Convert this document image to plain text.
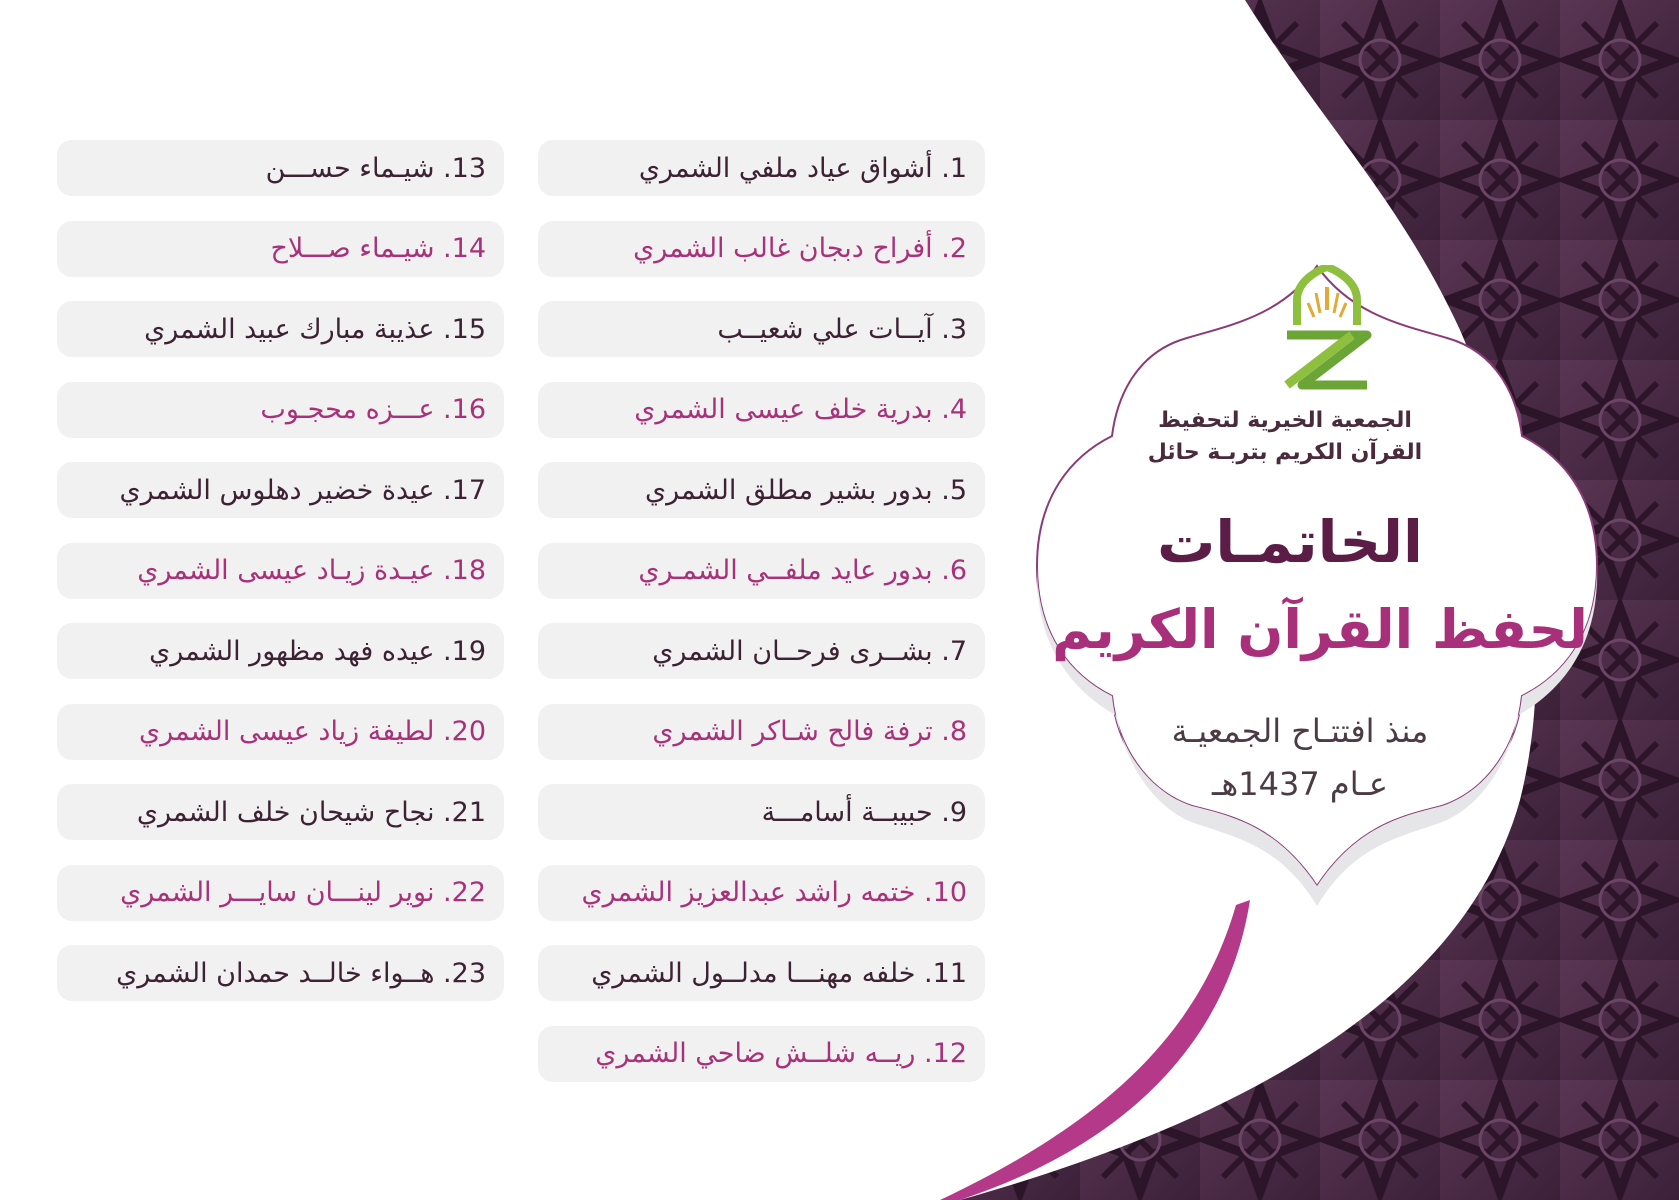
الجمعية الخيرية لتحفيظ
القرآن الكريم بتربـة حائل
الخاتمـات
لحفظ القرآن الكريم
منذ افتتـاح الجمعيـة
عـام 1437هـ
1. أشواق عياد ملفي الشمري
2. أفراح دبجان غالب الشمري
3. آيــات علي شعيــب
4. بدرية خلف عيسى الشمري
5. بدور بشير مطلق الشمري
6. بدور عايد ملفــي الشمـري
7. بشــرى فرحــان الشمري
8. ترفة فالح شـاكر الشمري
9. حبيبــة أسامـــة
10. ختمه راشد عبدالعزيز الشمري
11. خلفه مهنـــا مدلــول الشمري
12. ريــه شلــش ضاحي الشمري
13. شيـماء حســـن
14. شيـماء صـــلاح
15. عذيبة مبارك عبيد الشمري
16. عـــزه محجـوب
17. عيدة خضير دهلوس الشمري
18. عيـدة زيـاد عيسى الشمري
19. عيده فهد مظهور الشمري
20. لطيفة زياد عيسى الشمري
21. نجاح شيحان خلف الشمري
22. نوير لينـــان سايـــر الشمري
23. هــواء خالــد حمدان الشمري
